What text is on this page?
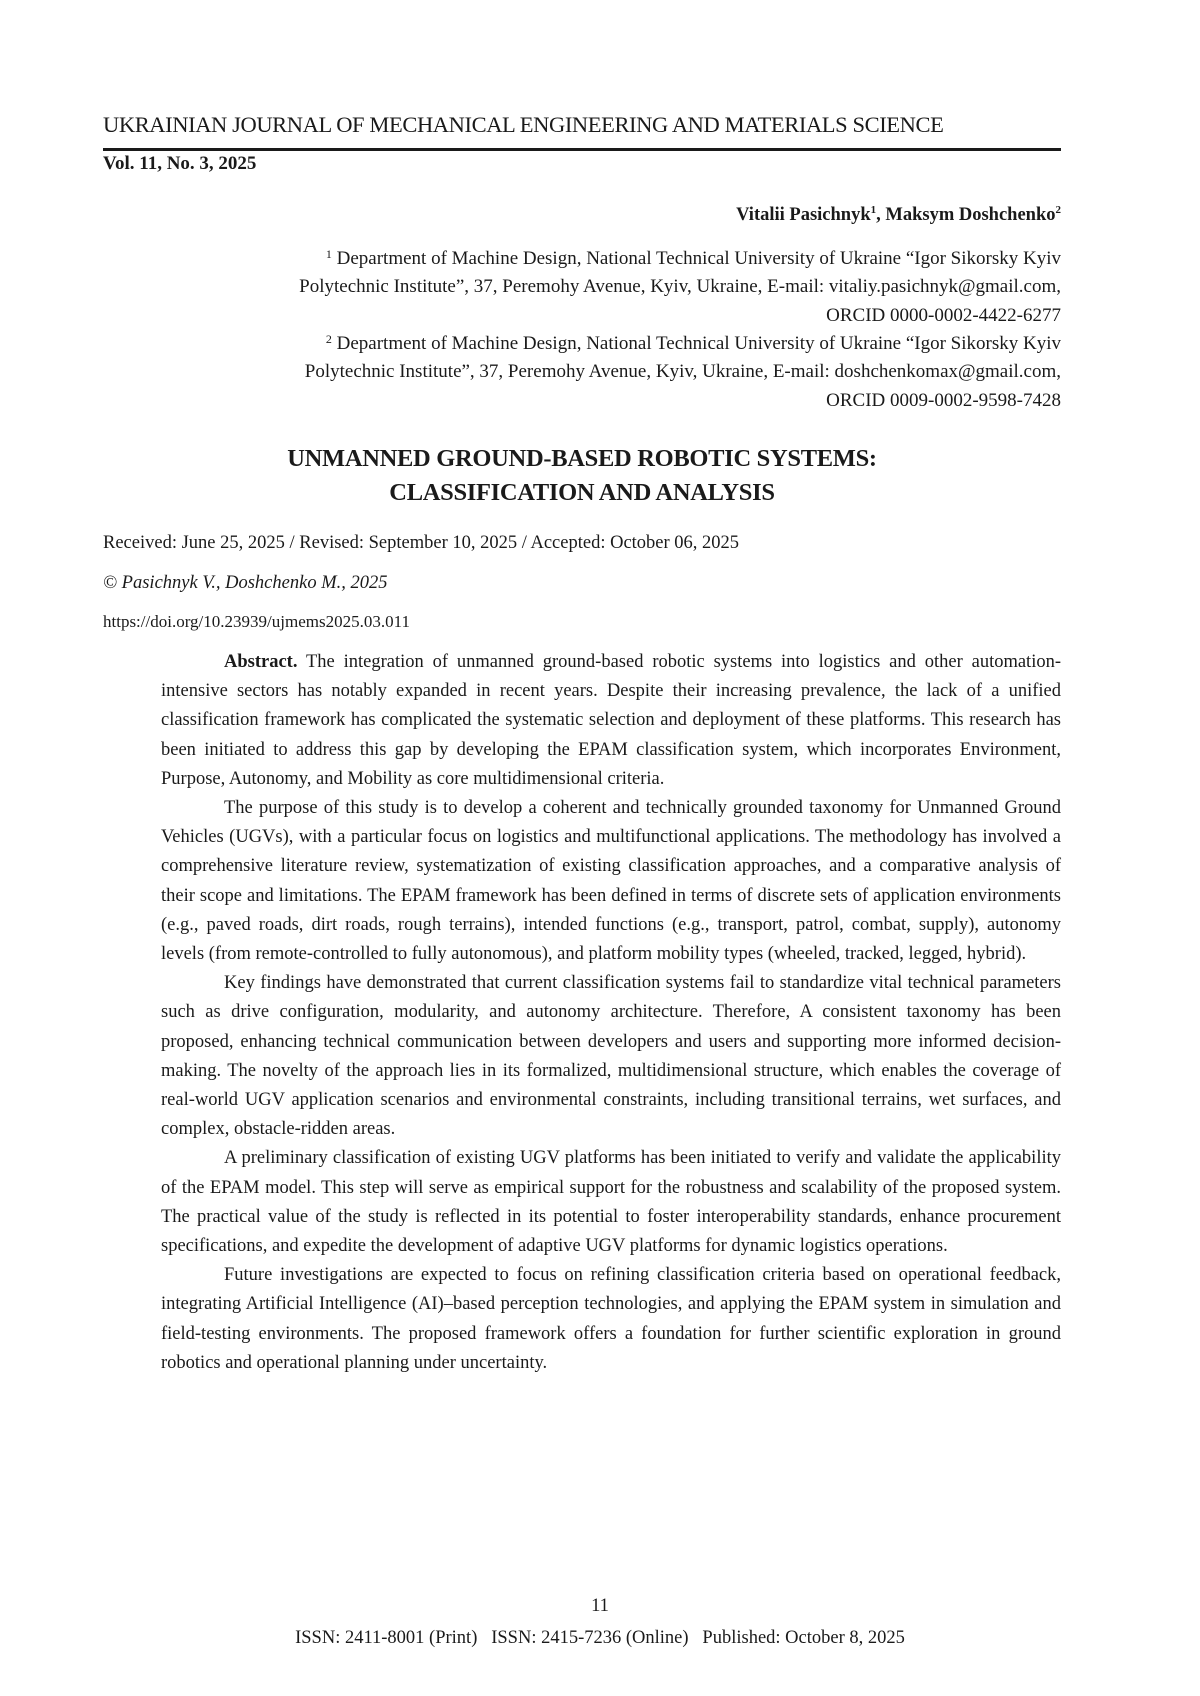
UKRAINIAN JOURNAL OF MECHANICAL ENGINEERING AND MATERIALS SCIENCE
Vol. 11, No. 3, 2025
Vitalii Pasichnyk$^1$, Maksym Doshchenko$^2$
$^1$ Department of Machine Design, National Technical University of Ukraine “Igor Sikorsky Kyiv
Polytechnic Institute”, 37, Peremohy Avenue, Kyiv, Ukraine, E-mail: vitaliy.pasichnyk@gmail.com,
ORCID 0000-0002-4422-6277
$^2$ Department of Machine Design, National Technical University of Ukraine “Igor Sikorsky Kyiv
Polytechnic Institute”, 37, Peremohy Avenue, Kyiv, Ukraine, E-mail: doshchenkomax@gmail.com,
ORCID 0009-0002-9598-7428
UNMANNED GROUND-BASED ROBOTIC SYSTEMS:
CLASSIFICATION AND ANALYSIS
Received: June 25, 2025 / Revised: September 10, 2025 / Accepted: October 06, 2025
© Pasichnyk V., Doshchenko M., 2025
https://doi.org/10.23939/ujmems2025.03.011

Abstract. The integration of unmanned ground-based robotic systems into logistics and other automation-intensive sectors has notably expanded in recent years. Despite their increasing prevalence, the lack of a unified classification framework has complicated the systematic selection and deployment of these platforms. This research has been initiated to address this gap by developing the EPAM classification system, which incorporates Environment, Purpose, Autonomy, and Mobility as core multidimensional criteria.

The purpose of this study is to develop a coherent and technically grounded taxonomy for Unmanned Ground Vehicles (UGVs), with a particular focus on logistics and multifunctional applications. The methodology has involved a comprehensive literature review, systematization of existing classification approaches, and a comparative analysis of their scope and limitations. The EPAM framework has been defined in terms of discrete sets of application environments (e.g., paved roads, dirt roads, rough terrains), intended functions (e.g., transport, patrol, combat, supply), autonomy levels (from remote-controlled to fully autonomous), and platform mobility types (wheeled, tracked, legged, hybrid).

Key findings have demonstrated that current classification systems fail to standardize vital technical parameters such as drive configuration, modularity, and autonomy architecture. Therefore, A consistent taxonomy has been proposed, enhancing technical communication between developers and users and supporting more informed decision-making. The novelty of the approach lies in its formalized, multidimensional structure, which enables the coverage of real-world UGV application scenarios and environmental constraints, including transitional terrains, wet surfaces, and complex, obstacle-ridden areas.

A preliminary classification of existing UGV platforms has been initiated to verify and validate the applicability of the EPAM model. This step will serve as empirical support for the robustness and scalability of the proposed system. The practical value of the study is reflected in its potential to foster interoperability standards, enhance procurement specifications, and expedite the development of adaptive UGV platforms for dynamic logistics operations.

Future investigations are expected to focus on refining classification criteria based on operational feedback, integrating Artificial Intelligence (AI)–based perception technologies, and applying the EPAM system in simulation and field-testing environments. The proposed framework offers a foundation for further scientific exploration in ground robotics and operational planning under uncertainty.

11
ISSN: 2411-8001 (Print)   ISSN: 2415-7236 (Online)   Published: October 8, 2025
